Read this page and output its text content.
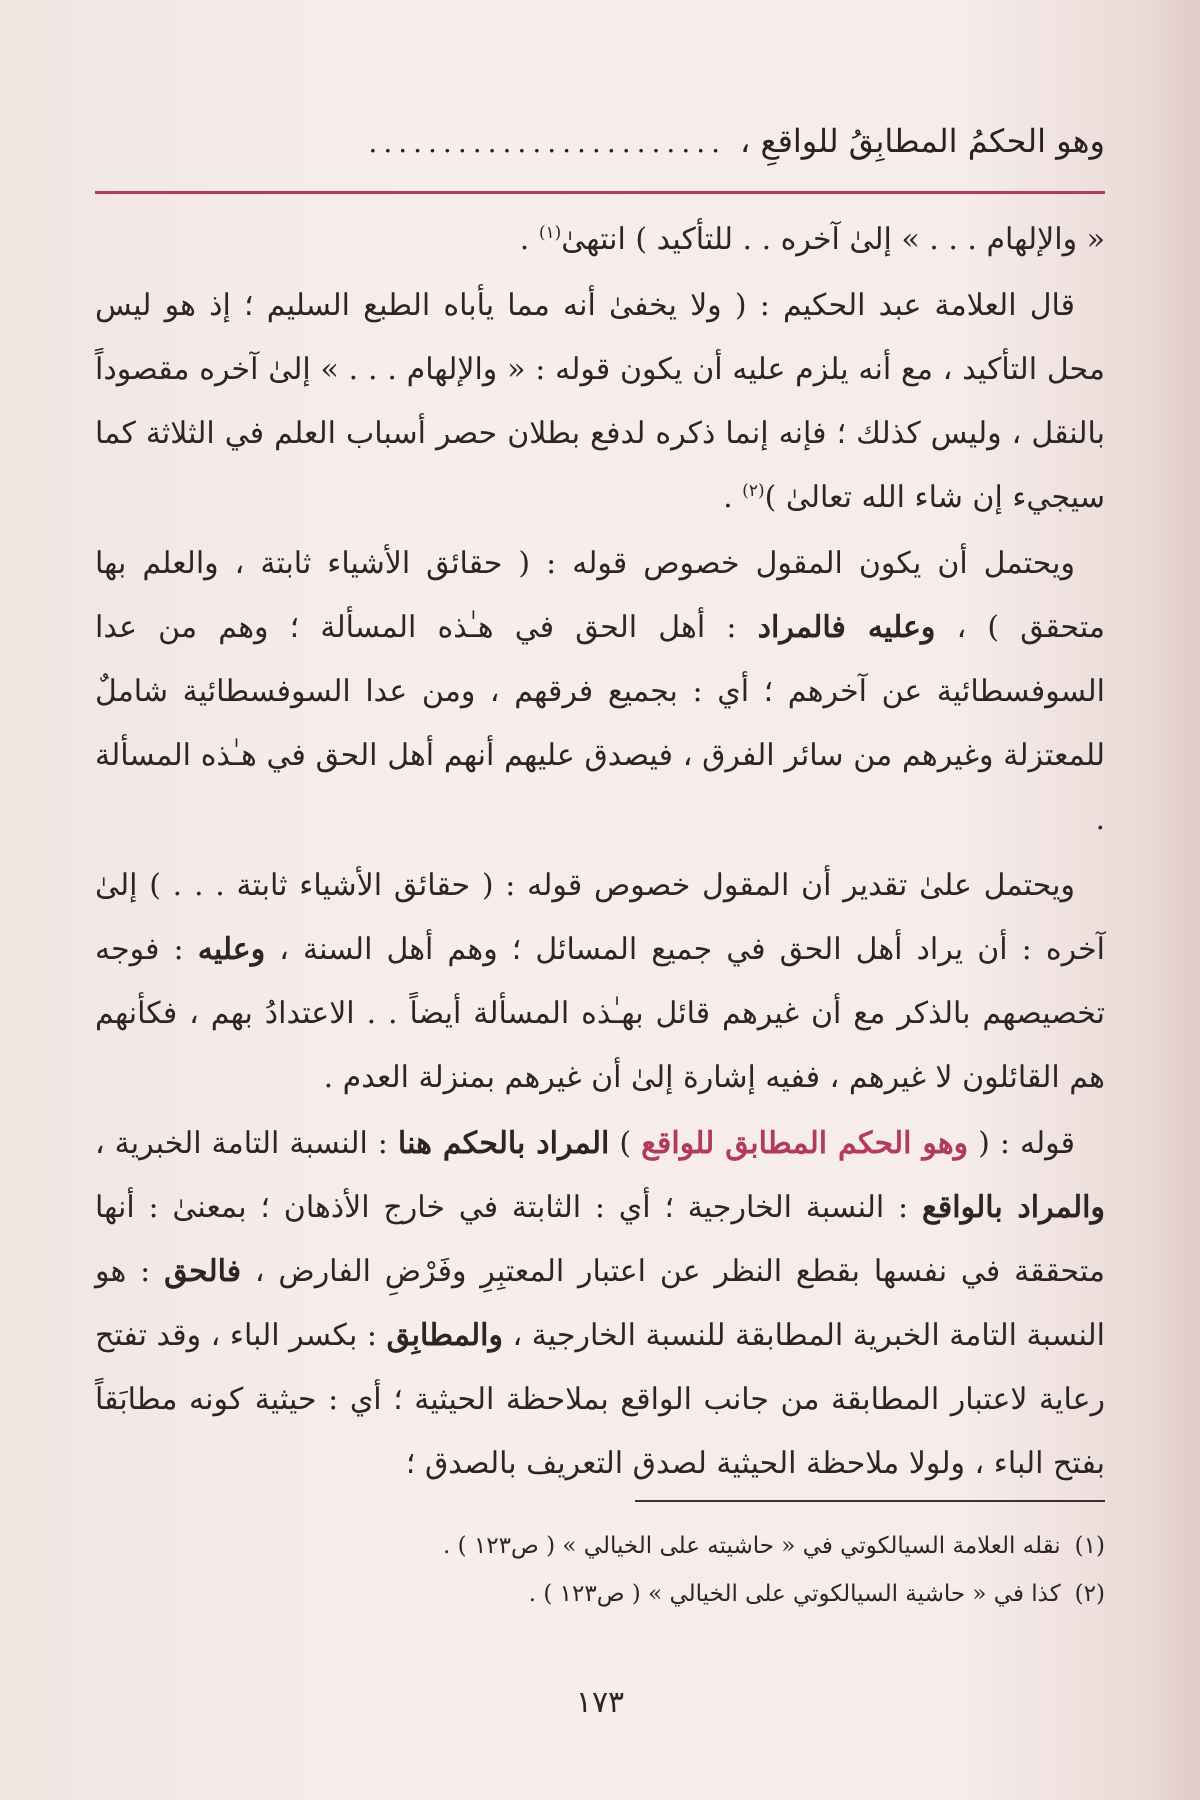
وهو الحكمُ المطابِقُ للواقعِ ،
........................

« والإلهام . . . » إلىٰ آخره . . للتأكيد ) انتهىٰ$^{(١)}$ .

قال العلامة عبد الحكيم : ( ولا يخفىٰ أنه مما يأباه الطبع السليم ؛ إذ هو ليس محل التأكيد ، مع أنه يلزم عليه أن يكون قوله : « والإلهام . . . » إلىٰ آخره مقصوداً بالنقل ، وليس كذلك ؛ فإنه إنما ذكره لدفع بطلان حصر أسباب العلم في الثلاثة كما سيجيء إن شاء الله تعالىٰ )$^{(٢)}$ .

ويحتمل أن يكون المقول خصوص قوله : ( حقائق الأشياء ثابتة ، والعلم بها متحقق ) ، وعليه فالمراد : أهل الحق في هـٰذه المسألة ؛ وهم من عدا السوفسطائية عن آخرهم ؛ أي : بجميع فرقهم ، ومن عدا السوفسطائية شاملٌ للمعتزلة وغيرهم من سائر الفرق ، فيصدق عليهم أنهم أهل الحق في هـٰذه المسألة .

ويحتمل علىٰ تقدير أن المقول خصوص قوله : ( حقائق الأشياء ثابتة . . . ) إلىٰ آخره : أن يراد أهل الحق في جميع المسائل ؛ وهم أهل السنة ، وعليه : فوجه تخصيصهم بالذكر مع أن غيرهم قائل بهـٰذه المسألة أيضاً . . الاعتدادُ بهم ، فكأنهم هم القائلون لا غيرهم ، ففيه إشارة إلىٰ أن غيرهم بمنزلة العدم .

قوله : ( وهو الحكم المطابق للواقع ) المراد بالحكم هنا : النسبة التامة الخبرية ، والمراد بالواقع : النسبة الخارجية ؛ أي : الثابتة في خارج الأذهان ؛ بمعنىٰ : أنها متحققة في نفسها بقطع النظر عن اعتبار المعتبِرِ وفَرْضِ الفارض ، فالحق : هو النسبة التامة الخبرية المطابقة للنسبة الخارجية ، والمطابِق : بكسر الباء ، وقد تفتح رعاية لاعتبار المطابقة من جانب الواقع بملاحظة الحيثية ؛ أي : حيثية كونه مطابَقاً بفتح الباء ، ولولا ملاحظة الحيثية لصدق التعريف بالصدق ؛

(١)
نقله العلامة السيالكوتي في « حاشيته على الخيالي » ( ص١٢٣ ) .
(٢)
كذا في « حاشية السيالكوتي على الخيالي » ( ص١٢٣ ) .
١٧٣
